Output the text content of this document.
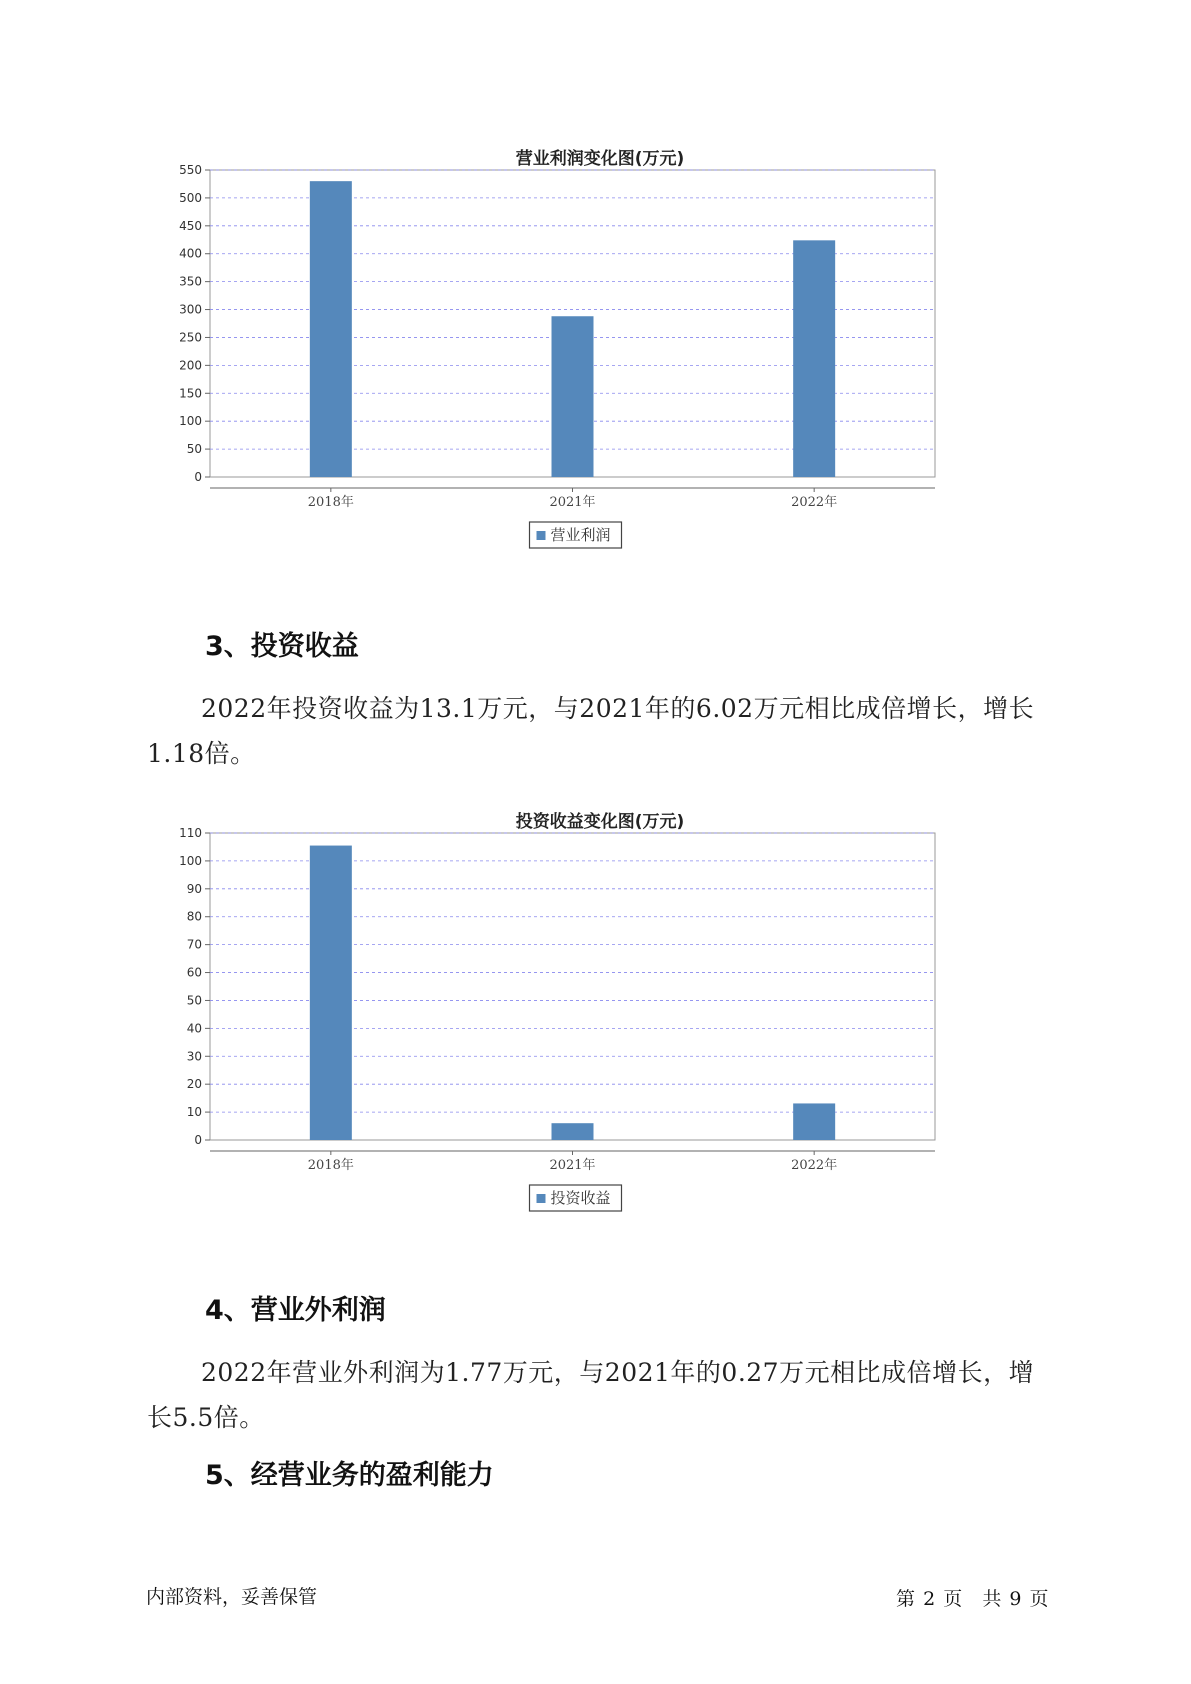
营业利润变化图(万元)
0
50
100
150
200
250
300
350
400
450
500
550
2018年	2021年	2022年
营业利润
3、投资收益

2022年投资收益为13.1万元，与2021年的6.02万元相比成倍增长，增长1.18倍。

投资收益变化图(万元)
0
10
20
30
40
50
60
70
80
90
100
110
2018年	2021年	2022年
投资收益
4、营业外利润

2022年营业外利润为1.77万元，与2021年的0.27万元相比成倍增长，增长5.5倍。

5、经营业务的盈利能力
内部资料，妥善保管	第 2 页 共 9 页
